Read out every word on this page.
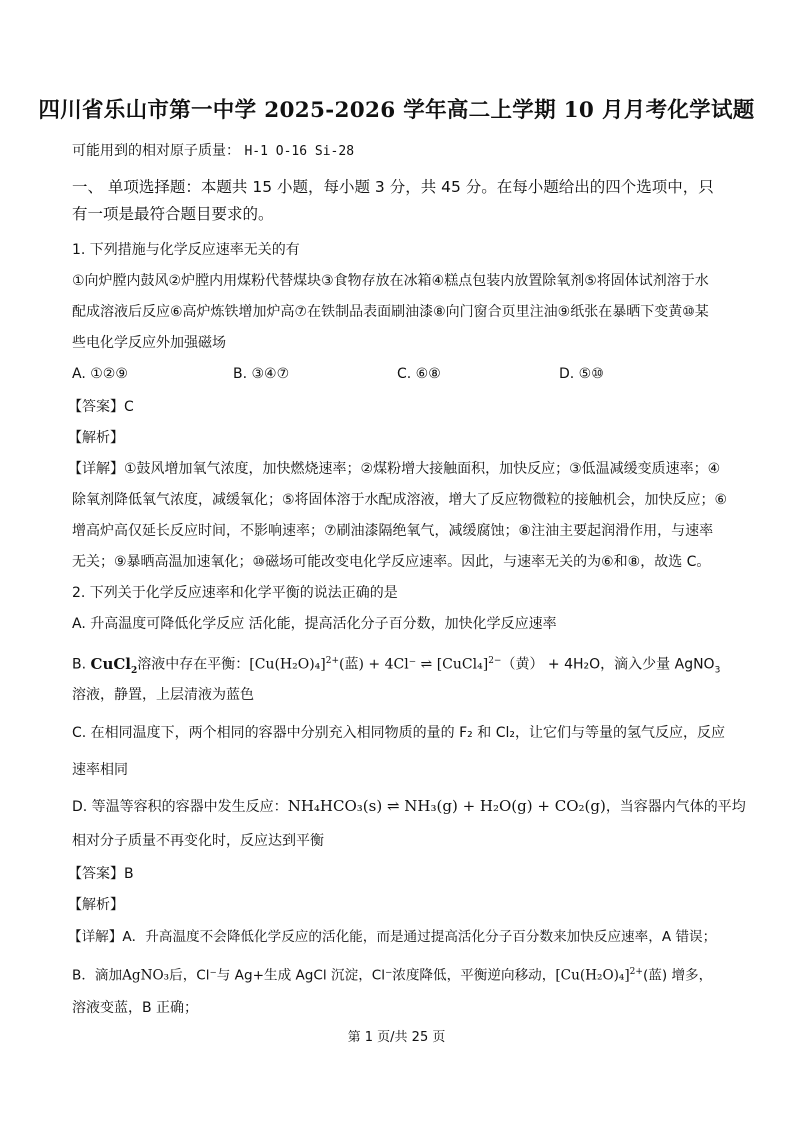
四川省乐山市第一中学 2025-2026 学年高二上学期 10 月月考化学试题
可能用到的相对原子质量： H-1 O-16 Si-28
一、 单项选择题：本题共 15 小题，每小题 3 分，共 45 分。在每小题给出的四个选项中，只
有一项是最符合题目要求的。
1. 下列措施与化学反应速率无关的有
①向炉膛内鼓风②炉膛内用煤粉代替煤块③食物存放在冰箱④糕点包装内放置除氧剂⑤将固体试剂溶于水
配成溶液后反应⑥高炉炼铁增加炉高⑦在铁制品表面刷油漆⑧向门窗合页里注油⑨纸张在暴晒下变黄⑩某
些电化学反应外加强磁场
A. ①②⑨	B. ③④⑦	C. ⑥⑧	D. ⑤⑩
【答案】C
【解析】
【详解】①鼓风增加氧气浓度，加快燃烧速率；②煤粉增大接触面积，加快反应；③低温减缓变质速率；④
除氧剂降低氧气浓度，减缓氧化；⑤将固体溶于水配成溶液，增大了反应物微粒的接触机会，加快反应；⑥
增高炉高仅延长反应时间，不影响速率；⑦刷油漆隔绝氧气，减缓腐蚀；⑧注油主要起润滑作用，与速率
无关；⑨暴晒高温加速氧化；⑩磁场可能改变电化学反应速率。因此，与速率无关的为⑥和⑧，故选 C。
2. 下列关于化学反应速率和化学平衡的说法正确的是
A. 升高温度可降低化学反应 活化能，提高活化分子百分数，加快化学反应速率
B. CuCl$_2$溶液中存在平衡：$[Cu(H_2O)_4]^{2+}$(蓝) + 4Cl⁻ ⇌ [CuCl₄]$^{2-}$（黄） + 4H₂O，滴入少量 AgNO$_3$
溶液，静置，上层清液为蓝色
C. 在相同温度下，两个相同的容器中分别充入相同物质的量的 F₂ 和 Cl₂，让它们与等量的氢气反应，反应
速率相同
D. 等温等容积的容器中发生反应：NH₄HCO₃(s) ⇌ NH₃(g) + H₂O(g) + CO₂(g)，当容器内气体的平均
相对分子质量不再变化时，反应达到平衡
【答案】B
【解析】
【详解】A．升高温度不会降低化学反应的活化能，而是通过提高活化分子百分数来加快反应速率，A 错误；
B．滴加AgNO₃后，Cl⁻与 Ag+生成 AgCl 沉淀，Cl⁻浓度降低，平衡逆向移动，$[Cu(H_2O)_4]^{2+}$(蓝) 增多，
溶液变蓝，B 正确；
第 1 页/共 25 页
